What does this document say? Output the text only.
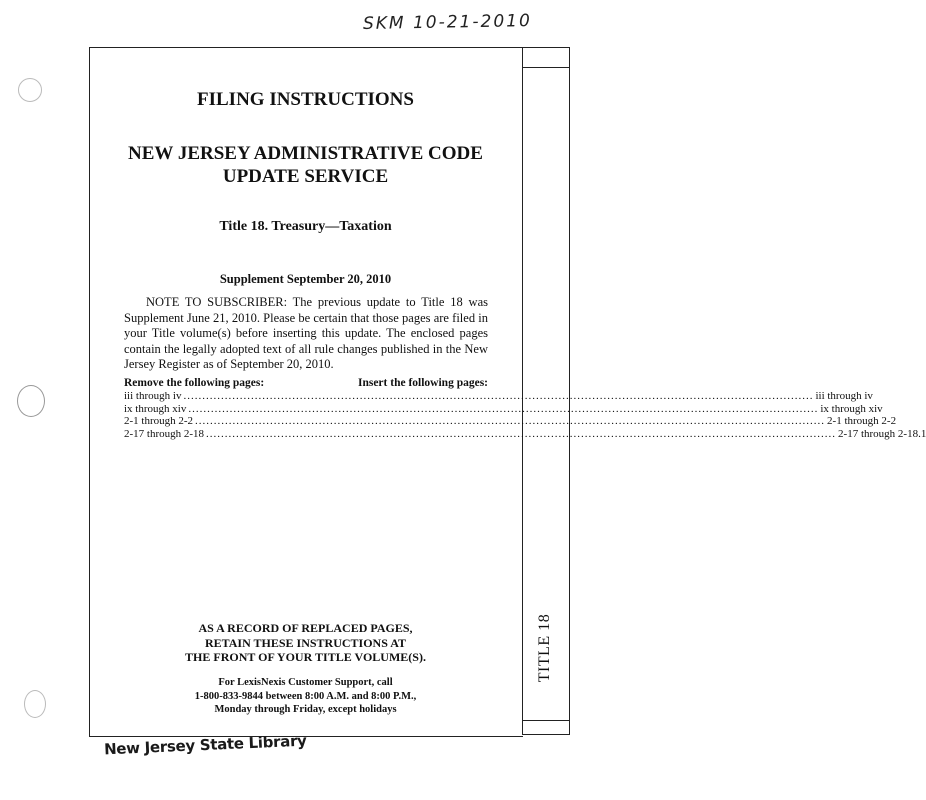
SKM 10-21-2010
TITLE 18
FILING INSTRUCTIONS
NEW JERSEY ADMINISTRATIVE CODE
UPDATE SERVICE
Title 18. Treasury—Taxation
Supplement September 20, 2010
NOTE TO SUBSCRIBER: The previous update to Title 18 was Supplement June 21, 2010. Please be certain that those pages are filed in your Title volume(s) before inserting this update. The enclosed pages contain the legally adopted text of all rule changes published in the New Jersey Register as of September 20, 2010.
Remove the following pages:	Insert the following pages:
iii through iv ........................................................................................................................................................................ iii through iv
ix through xiv ........................................................................................................................................................................ ix through xiv
2-1 through 2-2 ........................................................................................................................................................................ 2-1 through 2-2
2-17 through 2-18 ........................................................................................................................................................................ 2-17 through 2-18.1
AS A RECORD OF REPLACED PAGES,
RETAIN THESE INSTRUCTIONS AT
THE FRONT OF YOUR TITLE VOLUME(S).
For LexisNexis Customer Support, call
1-800-833-9844 between 8:00 A.M. and 8:00 P.M.,
Monday through Friday, except holidays
New Jersey State Library
